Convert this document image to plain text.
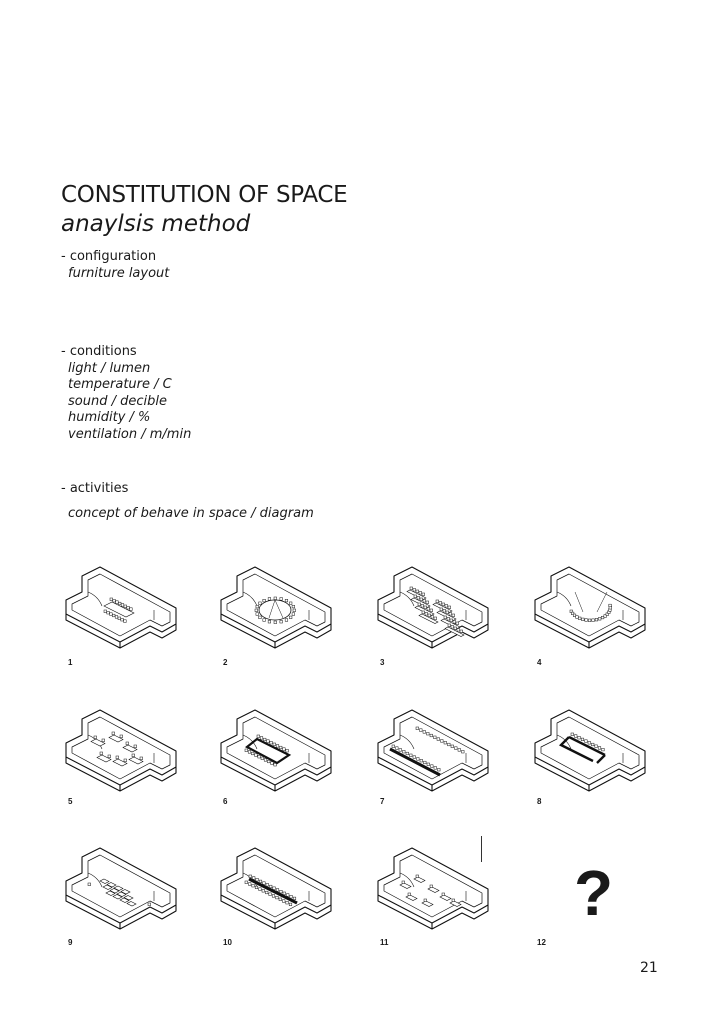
CONSTITUTION OF SPACE
anaylsis method
- configuration
furniture layout
- conditions
light / lumen
temperature / C
sound / decible
humidity / %
ventilation / m/min
- activities
concept of behave in space / diagram
1	2	3	4
5	6	7	8
9	10	11	12
?
21
